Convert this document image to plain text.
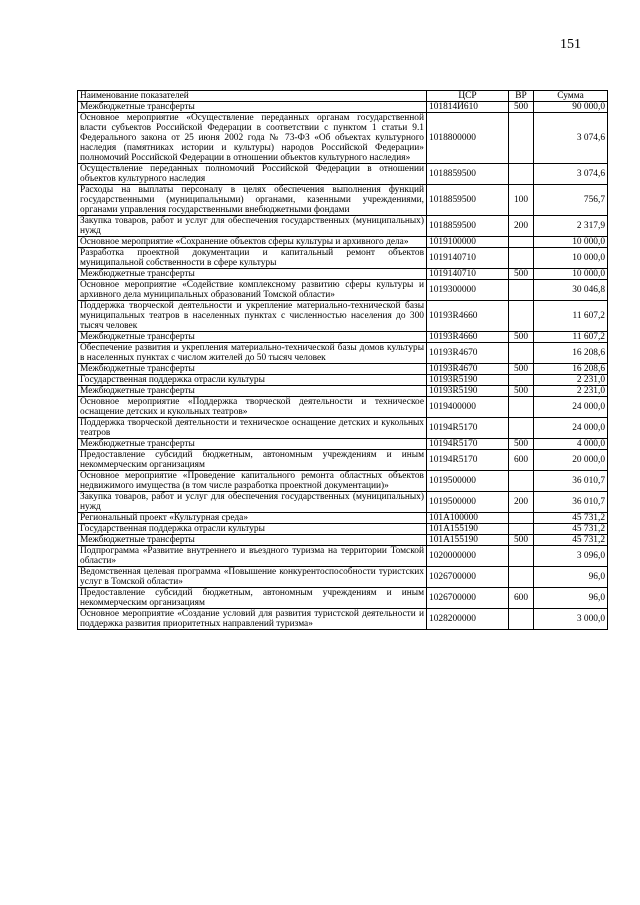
151
Наименование показателей	ЦСР	ВР	Сумма
Межбюджетные трансферты	101814И610	500	90 000,0
Основное мероприятие «Осуществление переданных органам государственной власти субъектов Российской Федерации в соответствии с пунктом 1 статьи 9.1 Федерального закона от 25 июня 2002 года № 73-ФЗ «Об объектах культурного наследия (памятниках истории и культуры) народов Российской Федерации» полномочий Российской Федерации в отношении объектов культурного наследия»	1018800000		3 074,6
Осуществление переданных полномочий Российской Федерации в отношении объектов культурного наследия	1018859500		3 074,6
Расходы на выплаты персоналу в целях обеспечения выполнения функций государственными (муниципальными) органами, казенными учреждениями, органами управления государственными внебюджетными фондами	1018859500	100	756,7
Закупка товаров, работ и услуг для обеспечения государственных (муниципальных) нужд	1018859500	200	2 317,9
Основное мероприятие «Сохранение объектов сферы культуры и архивного дела»	1019100000		10 000,0
Разработка проектной документации и капитальный ремонт объектов муниципальной собственности в сфере культуры	1019140710		10 000,0
Межбюджетные трансферты	1019140710	500	10 000,0
Основное мероприятие «Содействие комплексному развитию сферы культуры и архивного дела муниципальных образований Томской области»	1019300000		30 046,8
Поддержка творческой деятельности и укрепление материально-технической базы муниципальных театров в населенных пунктах с численностью населения до 300 тысяч человек	10193R4660		11 607,2
Межбюджетные трансферты	10193R4660	500	11 607,2
Обеспечение развития и укрепления материально-технической базы домов культуры в населенных пунктах с числом жителей до 50 тысяч человек	10193R4670		16 208,6
Межбюджетные трансферты	10193R4670	500	16 208,6
Государственная поддержка отрасли культуры	10193R5190		2 231,0
Межбюджетные трансферты	10193R5190	500	2 231,0
Основное мероприятие «Поддержка творческой деятельности и техническое оснащение детских и кукольных театров»	1019400000		24 000,0
Поддержка творческой деятельности и техническое оснащение детских и кукольных театров	10194R5170		24 000,0
Межбюджетные трансферты	10194R5170	500	4 000,0
Предоставление субсидий бюджетным, автономным учреждениям и иным некоммерческим организациям	10194R5170	600	20 000,0
Основное мероприятие «Проведение капитального ремонта областных объектов недвижимого имущества (в том числе разработка проектной документации)»	1019500000		36 010,7
Закупка товаров, работ и услуг для обеспечения государственных (муниципальных) нужд	1019500000	200	36 010,7
Региональный проект «Культурная среда»	101A100000		45 731,2
Государственная поддержка отрасли культуры	101A155190		45 731,2
Межбюджетные трансферты	101A155190	500	45 731,2
Подпрограмма «Развитие внутреннего и въездного туризма на территории Томской области»	1020000000		3 096,0
Ведомственная целевая программа «Повышение конкурентоспособности туристских услуг в Томской области»	1026700000		96,0
Предоставление субсидий бюджетным, автономным учреждениям и иным некоммерческим организациям	1026700000	600	96,0
Основное мероприятие «Создание условий для развития туристской деятельности и поддержка развития приоритетных направлений туризма»	1028200000		3 000,0
